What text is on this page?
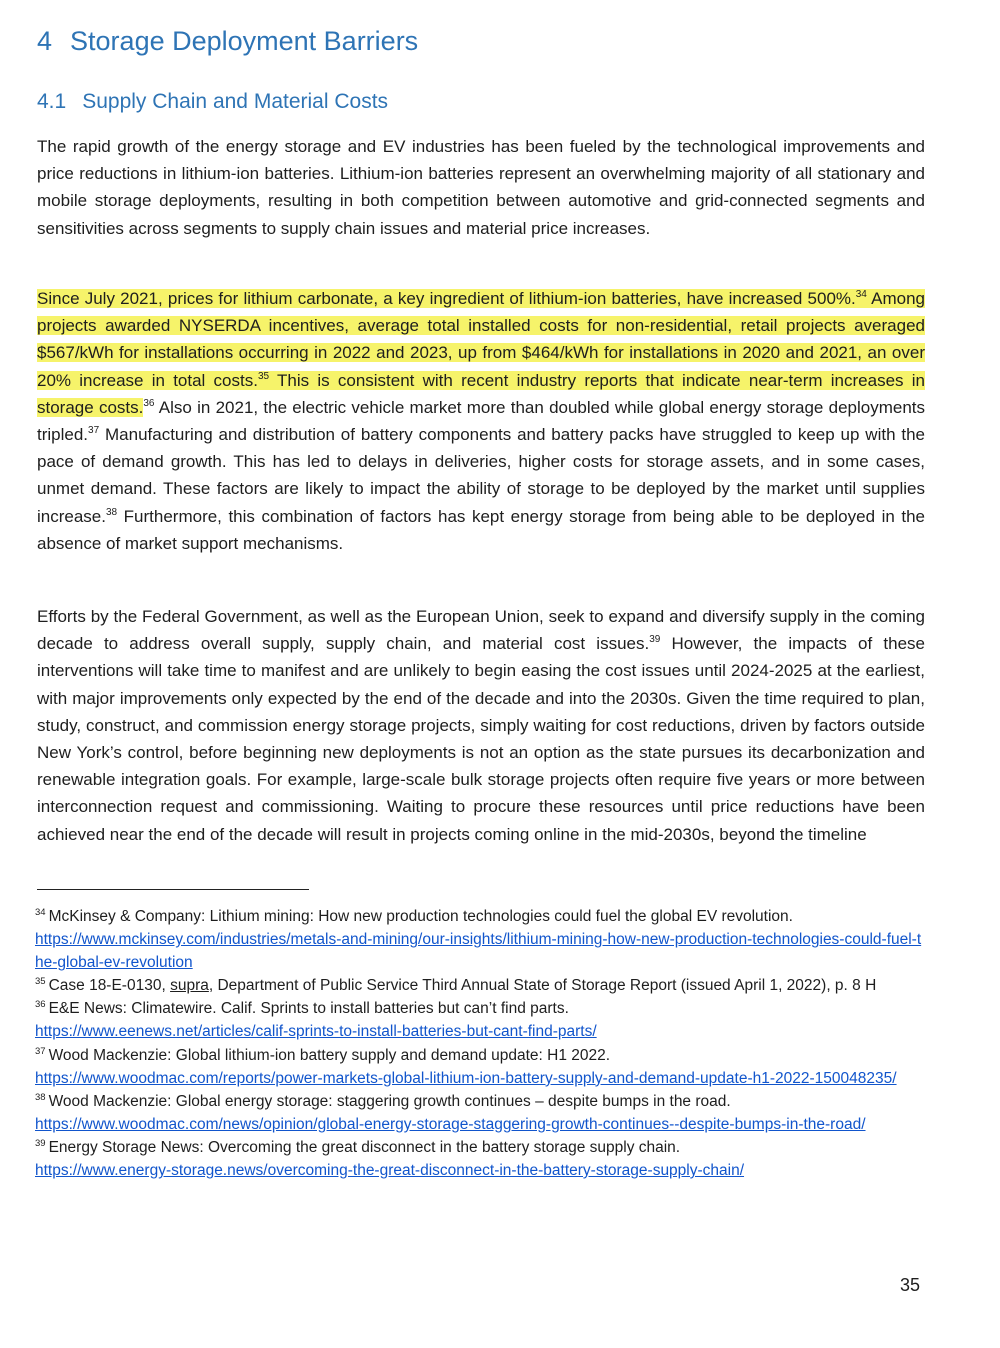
4 Storage Deployment Barriers
4.1 Supply Chain and Material Costs

The rapid growth of the energy storage and EV industries has been fueled by the technological improvements and price reductions in lithium-ion batteries. Lithium-ion batteries represent an overwhelming majority of all stationary and mobile storage deployments, resulting in both competition between automotive and grid-connected segments and sensitivities across segments to supply chain issues and material price increases.

Since July 2021, prices for lithium carbonate, a key ingredient of lithium-ion batteries, have increased 500%.$^{34}$ Among projects awarded NYSERDA incentives, average total installed costs for non-residential, retail projects averaged $567/kWh for installations occurring in 2022 and 2023, up from $464/kWh for installations in 2020 and 2021, an over 20% increase in total costs.$^{35}$ This is consistent with recent industry reports that indicate near-term increases in storage costs.$^{36}$ Also in 2021, the electric vehicle market more than doubled while global energy storage deployments tripled.$^{37}$ Manufacturing and distribution of battery components and battery packs have struggled to keep up with the pace of demand growth. This has led to delays in deliveries, higher costs for storage assets, and in some cases, unmet demand. These factors are likely to impact the ability of storage to be deployed by the market until supplies increase.$^{38}$ Furthermore, this combination of factors has kept energy storage from being able to be deployed in the absence of market support mechanisms.

Efforts by the Federal Government, as well as the European Union, seek to expand and diversify supply in the coming decade to address overall supply, supply chain, and material cost issues.$^{39}$ However, the impacts of these interventions will take time to manifest and are unlikely to begin easing the cost issues until 2024-2025 at the earliest, with major improvements only expected by the end of the decade and into the 2030s. Given the time required to plan, study, construct, and commission energy storage projects, simply waiting for cost reductions, driven by factors outside New York’s control, before beginning new deployments is not an option as the state pursues its decarbonization and renewable integration goals. For example, large-scale bulk storage projects often require five years or more between interconnection request and commissioning. Waiting to procure these resources until price reductions have been achieved near the end of the decade will result in projects coming online in the mid-2030s, beyond the timeline

$^{34}$ McKinsey & Company: Lithium mining: How new production technologies could fuel the global EV revolution.
https://www.mckinsey.com/industries/metals-and-mining/our-insights/lithium-mining-how-new-production-technologies-could-fuel-the-global-ev-revolution
$^{35}$ Case 18-E-0130, supra, Department of Public Service Third Annual State of Storage Report (issued April 1, 2022), p. 8 H
$^{36}$ E&E News: Climatewire. Calif. Sprints to install batteries but can’t find parts.
https://www.eenews.net/articles/calif-sprints-to-install-batteries-but-cant-find-parts/
$^{37}$ Wood Mackenzie: Global lithium-ion battery supply and demand update: H1 2022.
https://www.woodmac.com/reports/power-markets-global-lithium-ion-battery-supply-and-demand-update-h1-2022-150048235/
$^{38}$ Wood Mackenzie: Global energy storage: staggering growth continues – despite bumps in the road.
https://www.woodmac.com/news/opinion/global-energy-storage-staggering-growth-continues--despite-bumps-in-the-road/
$^{39}$ Energy Storage News: Overcoming the great disconnect in the battery storage supply chain.
https://www.energy-storage.news/overcoming-the-great-disconnect-in-the-battery-storage-supply-chain/
35
